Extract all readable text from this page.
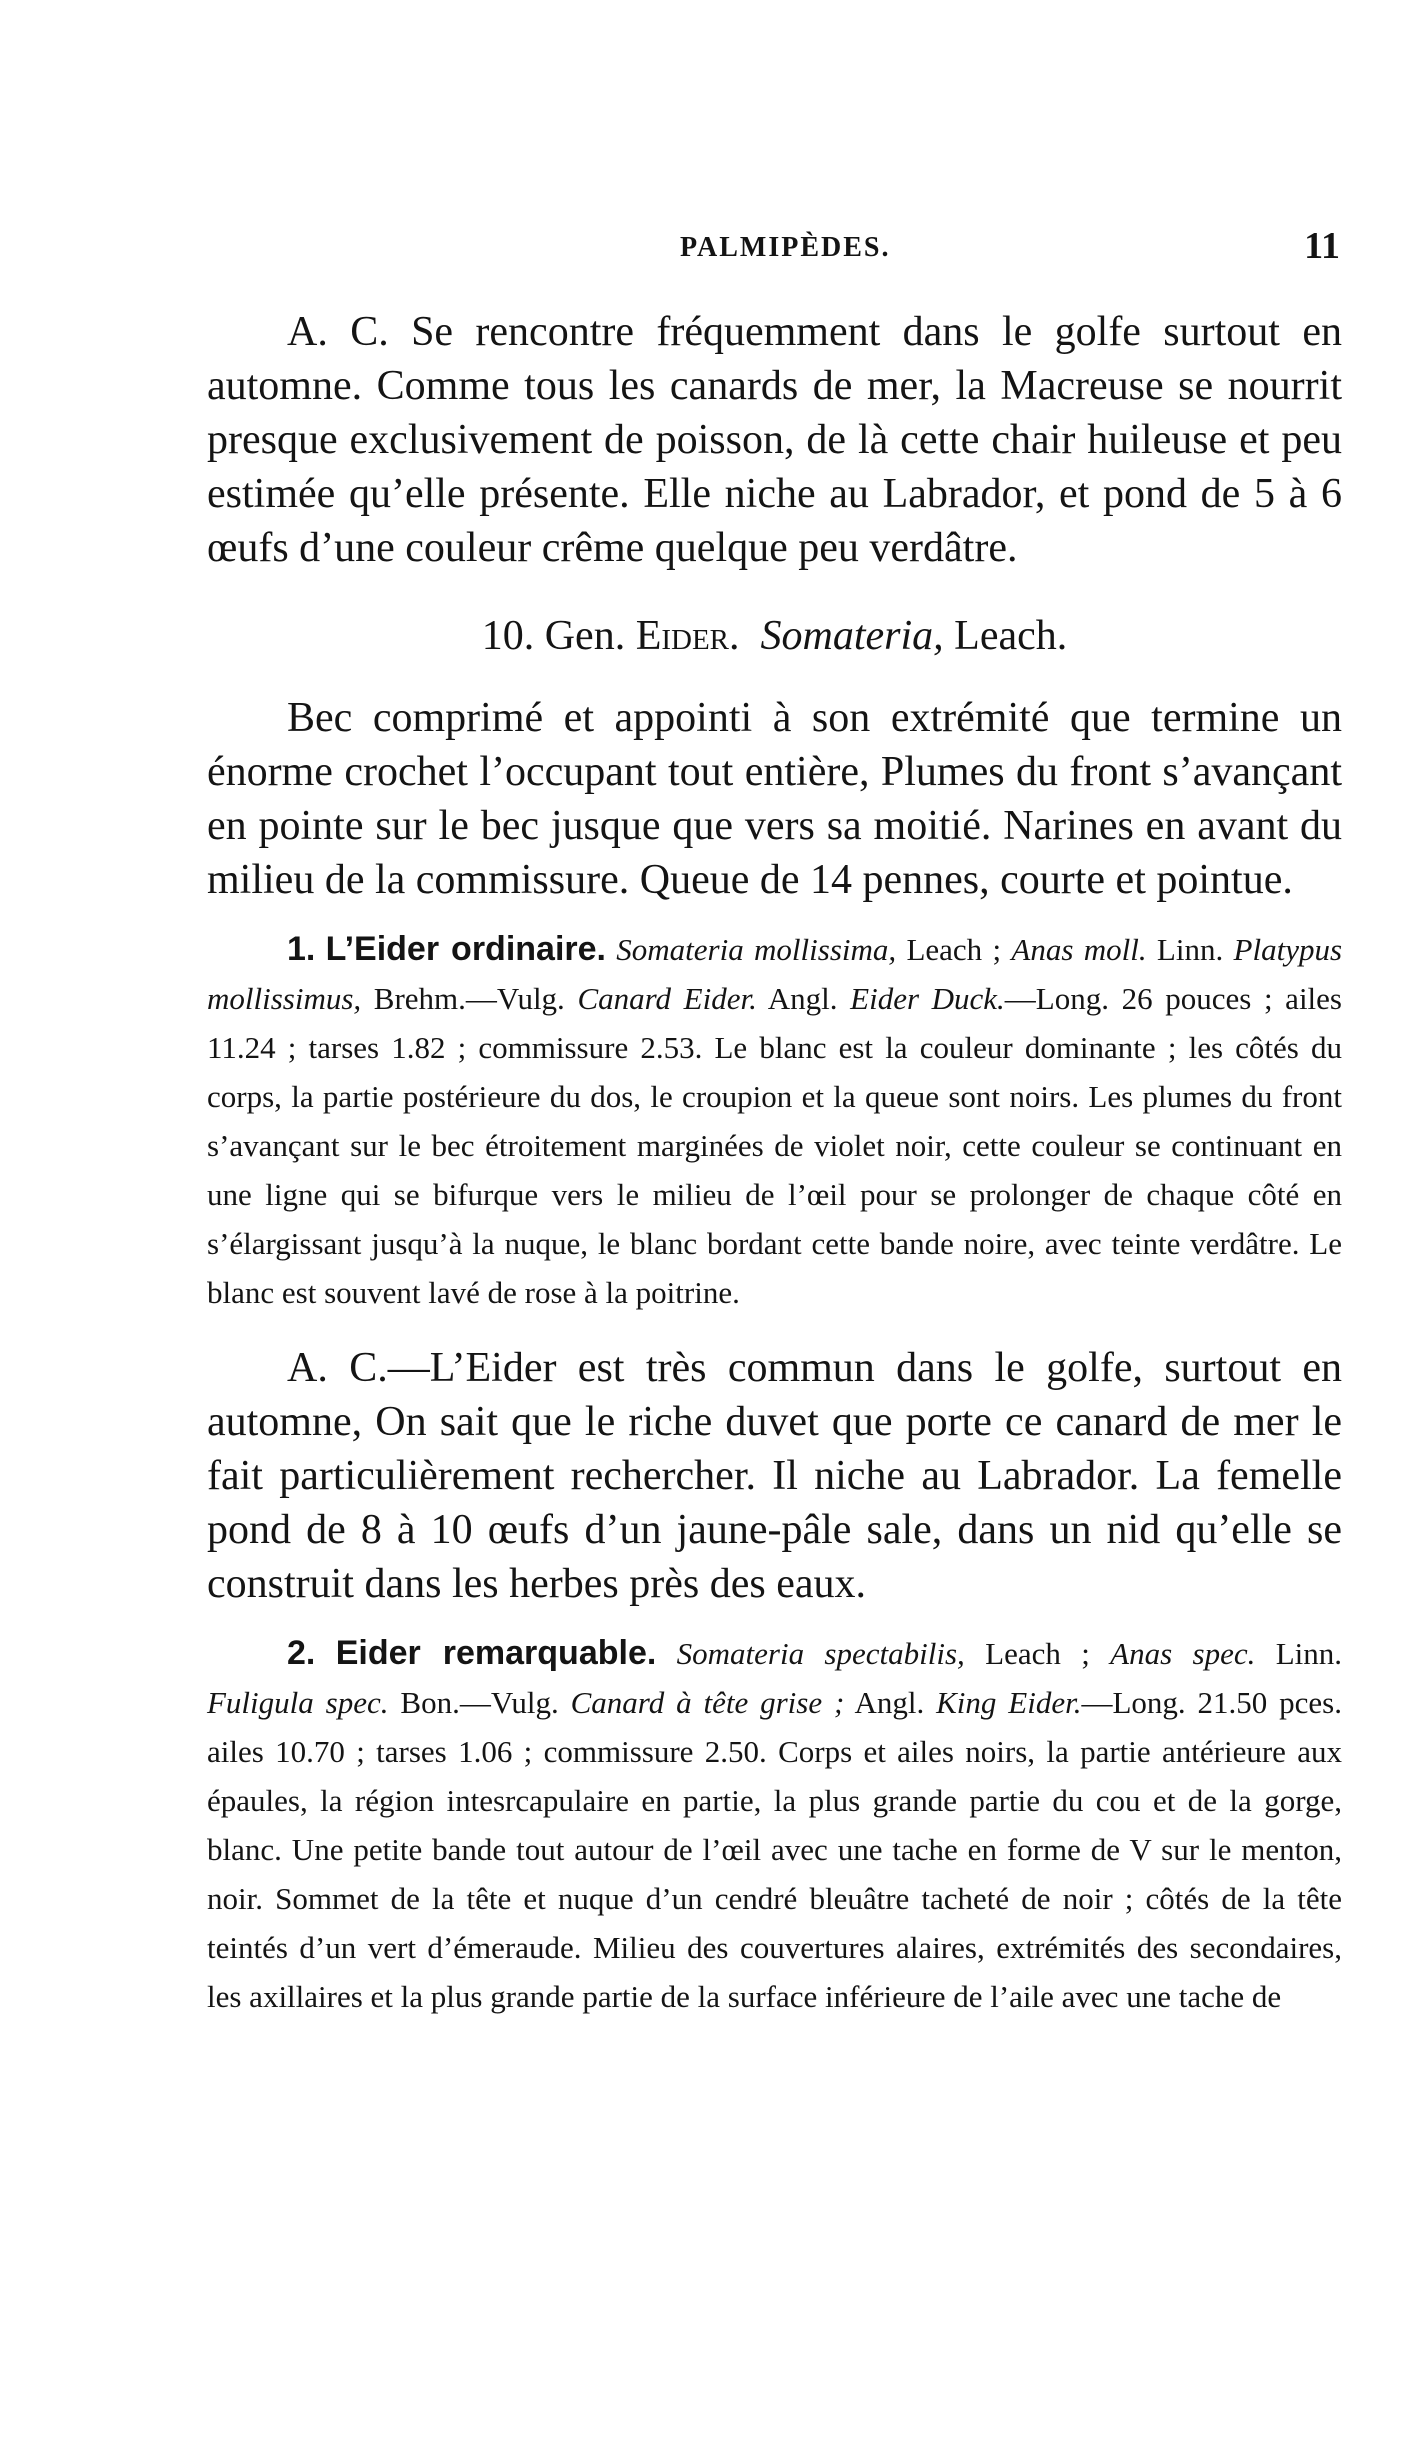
PALMIPÈDES.	11

A. C. Se rencontre fréquemment dans le golfe surtout en automne. Comme tous les canards de mer, la Macreuse se nourrit presque exclusivement de poisson, de là cette chair huileuse et peu estimée qu’elle présente. Elle niche au Labrador, et pond de 5 à 6 œufs d’une couleur crême quelque peu verdâtre.

10. Gen. Eider. Somateria, Leach.

Bec comprimé et appointi à son extrémité que termine un énorme crochet l’occupant tout entière, Plumes du front s’avançant en pointe sur le bec jusque que vers sa moitié. Narines en avant du milieu de la commissure. Queue de 14 pennes, courte et pointue.

1. L’Eider ordinaire. Somateria mollissima, Leach ; Anas moll. Linn. Platypus mollissimus, Brehm.—Vulg. Canard Eider. Angl. Eider Duck.—Long. 26 pouces ; ailes 11.24 ; tarses 1.82 ; commissure 2.53. Le blanc est la couleur dominante ; les côtés du corps, la partie postérieure du dos, le croupion et la queue sont noirs. Les plumes du front s’avançant sur le bec étroitement marginées de violet noir, cette couleur se continuant en une ligne qui se bifurque vers le milieu de l’œil pour se prolonger de chaque côté en s’élargissant jusqu’à la nuque, le blanc bordant cette bande noire, avec teinte verdâtre. Le blanc est souvent lavé de rose à la poitrine.

A. C.—L’Eider est très commun dans le golfe, surtout en automne, On sait que le riche duvet que porte ce canard de mer le fait particulièrement rechercher. Il niche au Labrador. La femelle pond de 8 à 10 œufs d’un jaune-pâle sale, dans un nid qu’elle se construit dans les herbes près des eaux.

2. Eider remarquable. Somateria spectabilis, Leach ; Anas spec. Linn. Fuligula spec. Bon.—Vulg. Canard à tête grise ; Angl. King Eider.—Long. 21.50 pces. ailes 10.70 ; tarses 1.06 ; commissure 2.50. Corps et ailes noirs, la partie antérieure aux épaules, la région intesrcapulaire en partie, la plus grande partie du cou et de la gorge, blanc. Une petite bande tout autour de l’œil avec une tache en forme de V sur le menton, noir. Sommet de la tête et nuque d’un cendré bleuâtre tacheté de noir ; côtés de la tête teintés d’un vert d’émeraude. Milieu des couvertures alaires, extrémités des secondaires, les axillaires et la plus grande partie de la surface inférieure de l’aile avec une tache de
